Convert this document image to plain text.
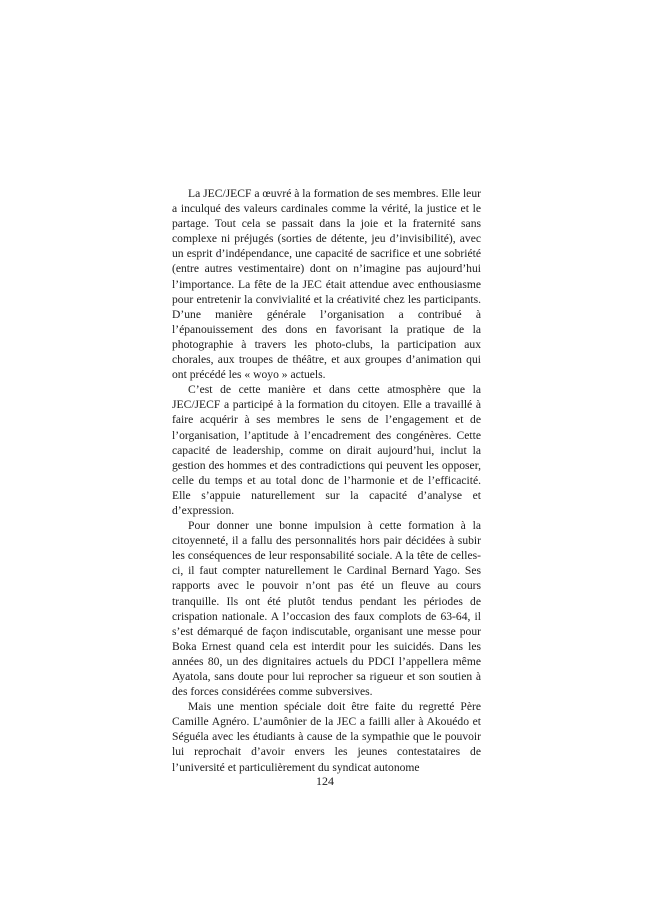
La JEC/JECF a œuvré à la formation de ses membres. Elle leur a inculqué des valeurs cardinales comme la vérité, la justice et le partage. Tout cela se passait dans la joie et la fraternité sans complexe ni préjugés (sorties de détente, jeu d’invisibilité), avec un esprit d’indépendance, une capacité de sacrifice et une sobriété (entre autres vestimentaire) dont on n’imagine pas aujourd’hui l’importance. La fête de la JEC était attendue avec enthousiasme pour entretenir la convivialité et la créativité chez les participants. D’une manière générale l’organisation a contribué à l’épanouissement des dons en favorisant la pratique de la photographie à travers les photo-clubs, la participation aux chorales, aux troupes de théâtre, et aux groupes d’animation qui ont précédé les « woyo » actuels.

C’est de cette manière et dans cette atmosphère que la JEC/JECF a participé à la formation du citoyen. Elle a travaillé à faire acquérir à ses membres le sens de l’engagement et de l’organisation, l’aptitude à l’encadrement des congénères. Cette capacité de leadership, comme on dirait aujourd’hui, inclut la gestion des hommes et des contradictions qui peuvent les opposer, celle du temps et au total donc de l’harmonie et de l’efficacité. Elle s’appuie naturellement sur la capacité d’analyse et d’expression.

Pour donner une bonne impulsion à cette formation à la citoyenneté, il a fallu des personnalités hors pair décidées à subir les conséquences de leur responsabilité sociale. A la tête de celles-ci, il faut compter naturellement le Cardinal Bernard Yago. Ses rapports avec le pouvoir n’ont pas été un fleuve au cours tranquille. Ils ont été plutôt tendus pendant les périodes de crispation nationale. A l’occasion des faux complots de 63-64, il s’est démarqué de façon indiscutable, organisant une messe pour Boka Ernest quand cela est interdit pour les suicidés. Dans les années 80, un des dignitaires actuels du PDCI l’appellera même Ayatola, sans doute pour lui reprocher sa rigueur et son soutien à des forces considérées comme subversives.

Mais une mention spéciale doit être faite du regretté Père Camille Agnéro. L’aumônier de la JEC a failli aller à Akouédo et Séguéla avec les étudiants à cause de la sympathie que le pouvoir lui reprochait d’avoir envers les jeunes contestataires de l’université et particulièrement du syndicat autonome

124
